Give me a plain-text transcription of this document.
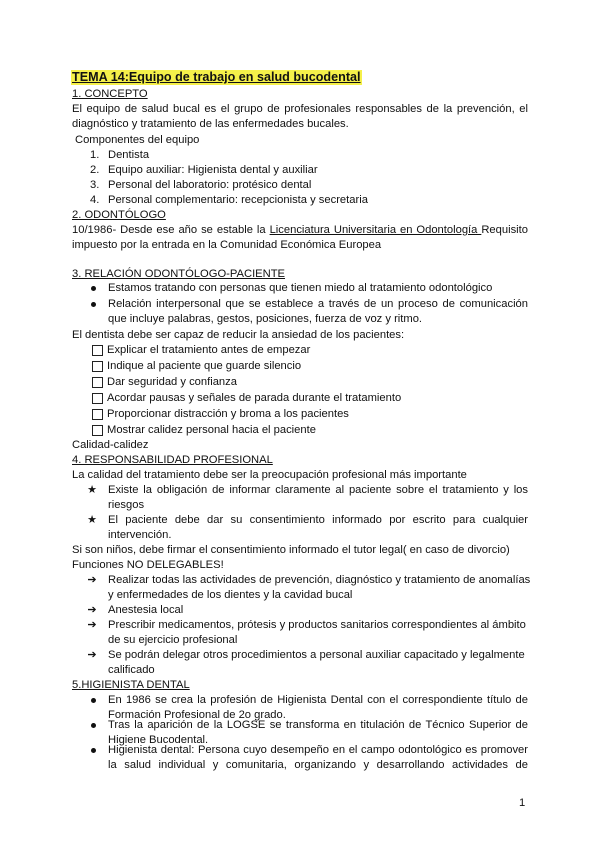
TEMA 14:Equipo de trabajo en salud bucodental
1. CONCEPTO
El equipo de salud bucal es el grupo de profesionales responsables de la prevención, el
diagnóstico y tratamiento de las enfermedades bucales.
Componentes del equipo
1. Dentista
2. Equipo auxiliar: Higienista dental y auxiliar
3. Personal del laboratorio: protésico dental
4. Personal complementario: recepcionista y secretaria
2. ODONTÓLOGO
10/1986- Desde ese año se estable la Licenciatura Universitaria en Odontología Requisito
impuesto por la entrada en la Comunidad Económica Europea
3. RELACIÓN ODONTÓLOGO-PACIENTE
Estamos tratando con personas que tienen miedo al tratamiento odontológico
Relación interpersonal que se establece a través de un proceso de comunicación
que incluye palabras, gestos, posiciones, fuerza de voz y ritmo.
El dentista debe ser capaz de reducir la ansiedad de los pacientes:
Explicar el tratamiento antes de empezar
Indique al paciente que guarde silencio
Dar seguridad y confianza
Acordar pausas y señales de parada durante el tratamiento
Proporcionar distracción y broma a los pacientes
Mostrar calidez personal hacia el paciente
Calidad-calidez
4. RESPONSABILIDAD PROFESIONAL
La calidad del tratamiento debe ser la preocupación profesional más importante
★ Existe la obligación de informar claramente al paciente sobre el tratamiento y los
riesgos
★ El paciente debe dar su consentimiento informado por escrito para cualquier
intervención.
Si son niños, debe firmar el consentimiento informado el tutor legal( en caso de divorcio)
Funciones NO DELEGABLES!
➔ Realizar todas las actividades de prevención, diagnóstico y tratamiento de anomalías
y enfermedades de los dientes y la cavidad bucal
➔ Anestesia local
➔ Prescribir medicamentos, prótesis y productos sanitarios correspondientes al ámbito
de su ejercicio profesional
➔ Se podrán delegar otros procedimientos a personal auxiliar capacitado y legalmente
calificado
5.HIGIENISTA DENTAL
En 1986 se crea la profesión de Higienista Dental con el correspondiente título de
Formación Profesional de 2o grado.
Tras la aparición de la LOGSE se transforma en titulación de Técnico Superior de
Higiene Bucodental.
Higienista dental: Persona cuyo desempeño en el campo odontológico es promover
la salud individual y comunitaria, organizando y desarrollando actividades de
1
